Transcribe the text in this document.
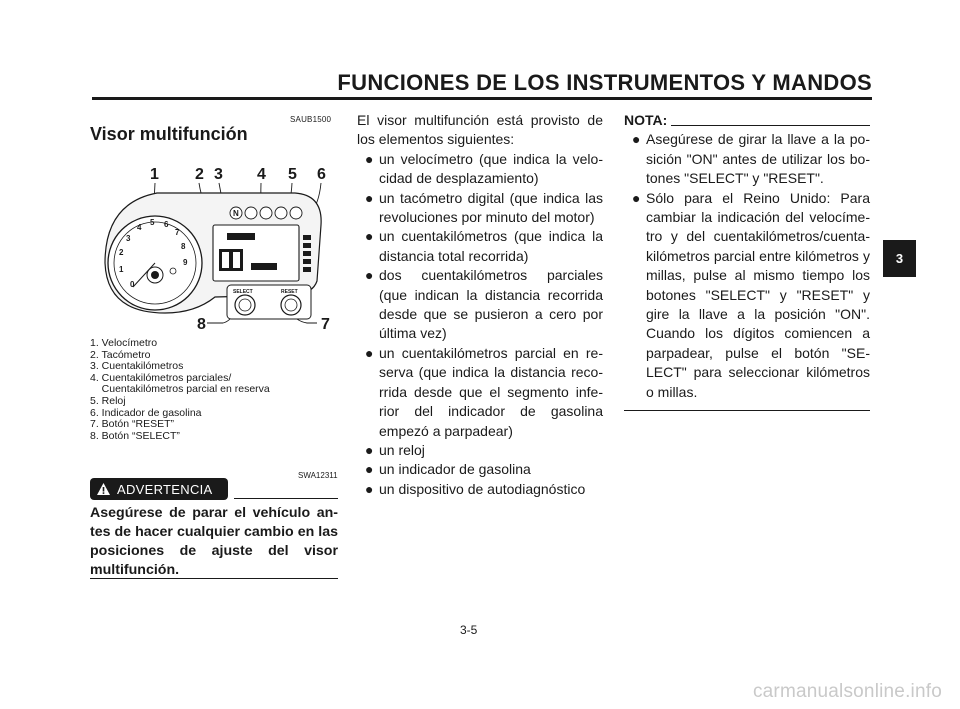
FUNCIONES DE LOS INSTRUMENTOS Y MANDOS
SAUB1500
Visor multifunción
1 2 3 4 5 6
8	7
0
1
2
3
4
5 6
7
8
9
N
SELECT	RESET
1. Velocímetro
2. Tacómetro
3. Cuentakilómetros
4. Cuentakilómetros parciales/
Cuentakilómetros parcial en reserva
5. Reloj
6. Indicador de gasolina
7. Botón “RESET”
8. Botón “SELECT”
SWA12311
ADVERTENCIA

Asegúrese de parar el vehículo an-tes de hacer cualquier cambio en las posiciones de ajuste del visor multifunción.

El visor multifunción está provisto de los elementos siguientes:

● un velocímetro (que indica la velo-cidad de desplazamiento)
● un tacómetro digital (que indica las revoluciones por minuto del motor)
● un cuentakilómetros (que indica la distancia total recorrida)
● dos cuentakilómetros parciales (que indican la distancia recorrida desde que se pusieron a cero por última vez)
● un cuentakilómetros parcial en re-serva (que indica la distancia reco-rrida desde que el segmento infe-rior del indicador de gasolina empezó a parpadear)
● un reloj
● un indicador de gasolina
● un dispositivo de autodiagnóstico
NOTA:
● Asegúrese de girar la llave a la po-sición "ON" antes de utilizar los bo-tones "SELECT" y "RESET".
● Sólo para el Reino Unido: Para cambiar la indicación del velocíme-tro y del cuentakilómetros/cuenta-kilómetros parcial entre kilómetros y millas, pulse al mismo tiempo los botones "SELECT" y "RESET" y gire la llave a la posición "ON". Cuando los dígitos comiencen a parpadear, pulse el botón "SE-LECT" para seleccionar kilómetros o millas.
3
3-5
carmanualsonline.info
